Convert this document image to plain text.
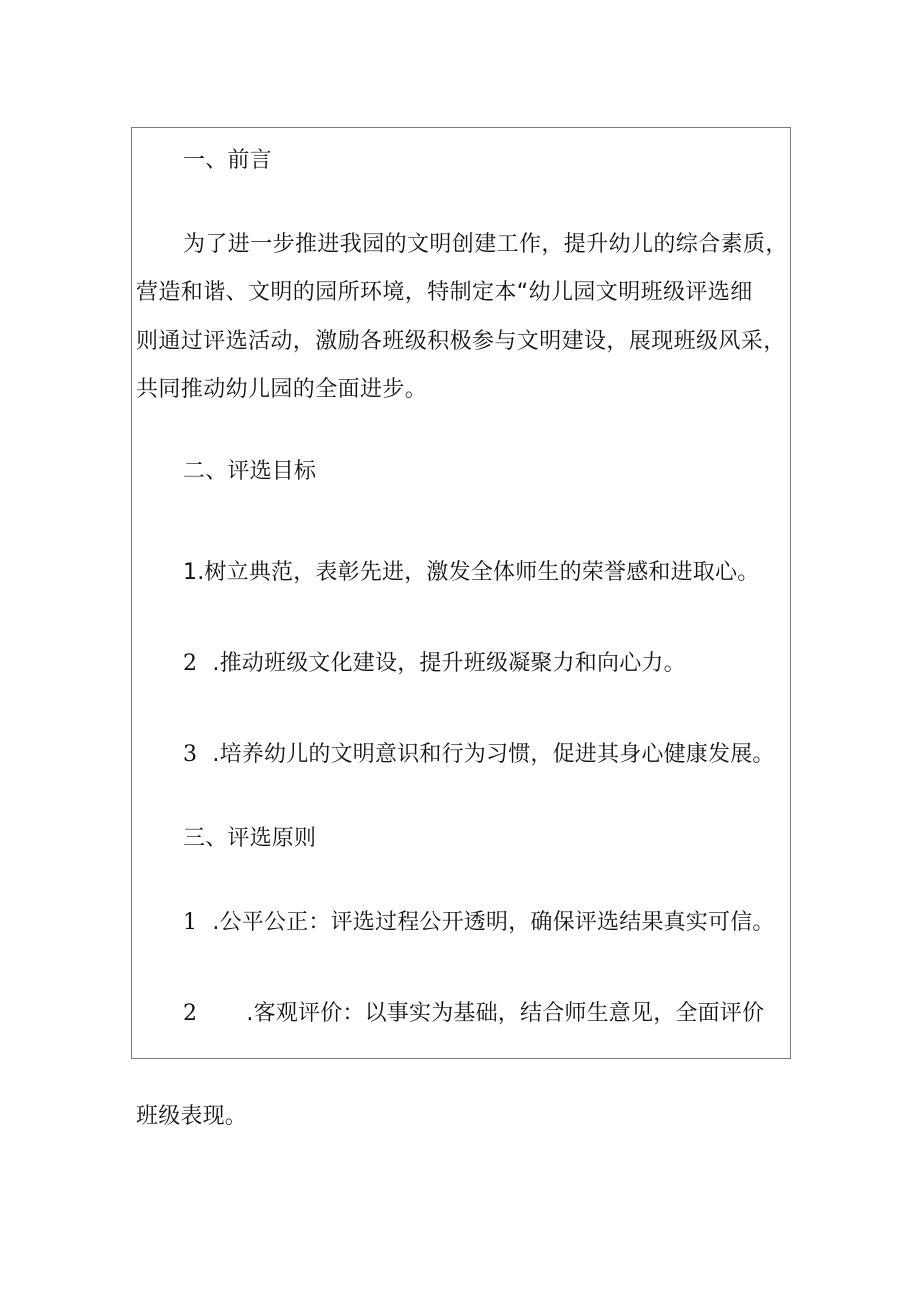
一、前言
为了进一步推进我园的文明创建工作，提升幼儿的综合素质，
营造和谐、文明的园所环境，特制定本“幼儿园文明班级评选细
则通过评选活动，激励各班级积极参与文明建设，展现班级风采，
共同推动幼儿园的全面进步。
二、评选目标
1.树立典范，表彰先进，激发全体师生的荣誉感和进取心。
2 .推动班级文化建设，提升班级凝聚力和向心力。
3 .培养幼儿的文明意识和行为习惯，促进其身心健康发展。
三、评选原则
1 .公平公正：评选过程公开透明，确保评选结果真实可信。
2 .客观评价：以事实为基础，结合师生意见，全面评价
班级表现。
